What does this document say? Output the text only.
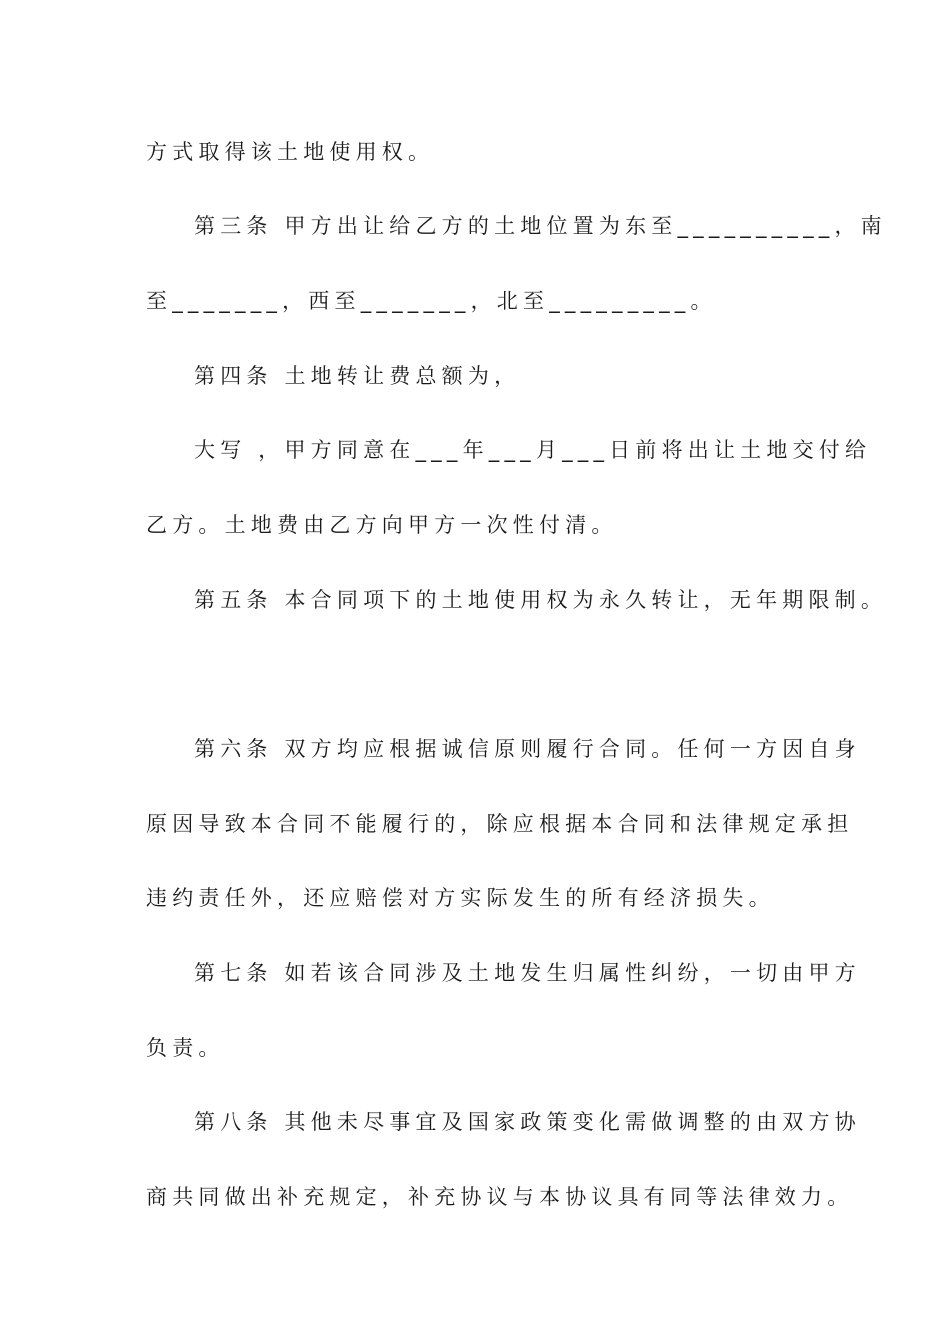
方式取得该土地使用权。
第三条 甲方出让给乙方的土地位置为东至__________，南
至_______，西至_______，北至_________。
第四条 土地转让费总额为，
大写 ，甲方同意在___年___月___日前将出让土地交付给
乙方。土地费由乙方向甲方一次性付清。
第五条 本合同项下的土地使用权为永久转让，无年期限制。
第六条 双方均应根据诚信原则履行合同。任何一方因自身
原因导致本合同不能履行的，除应根据本合同和法律规定承担
违约责任外，还应赔偿对方实际发生的所有经济损失。
第七条 如若该合同涉及土地发生归属性纠纷，一切由甲方
负责。
第八条 其他未尽事宜及国家政策变化需做调整的由双方协
商共同做出补充规定，补充协议与本协议具有同等法律效力。
